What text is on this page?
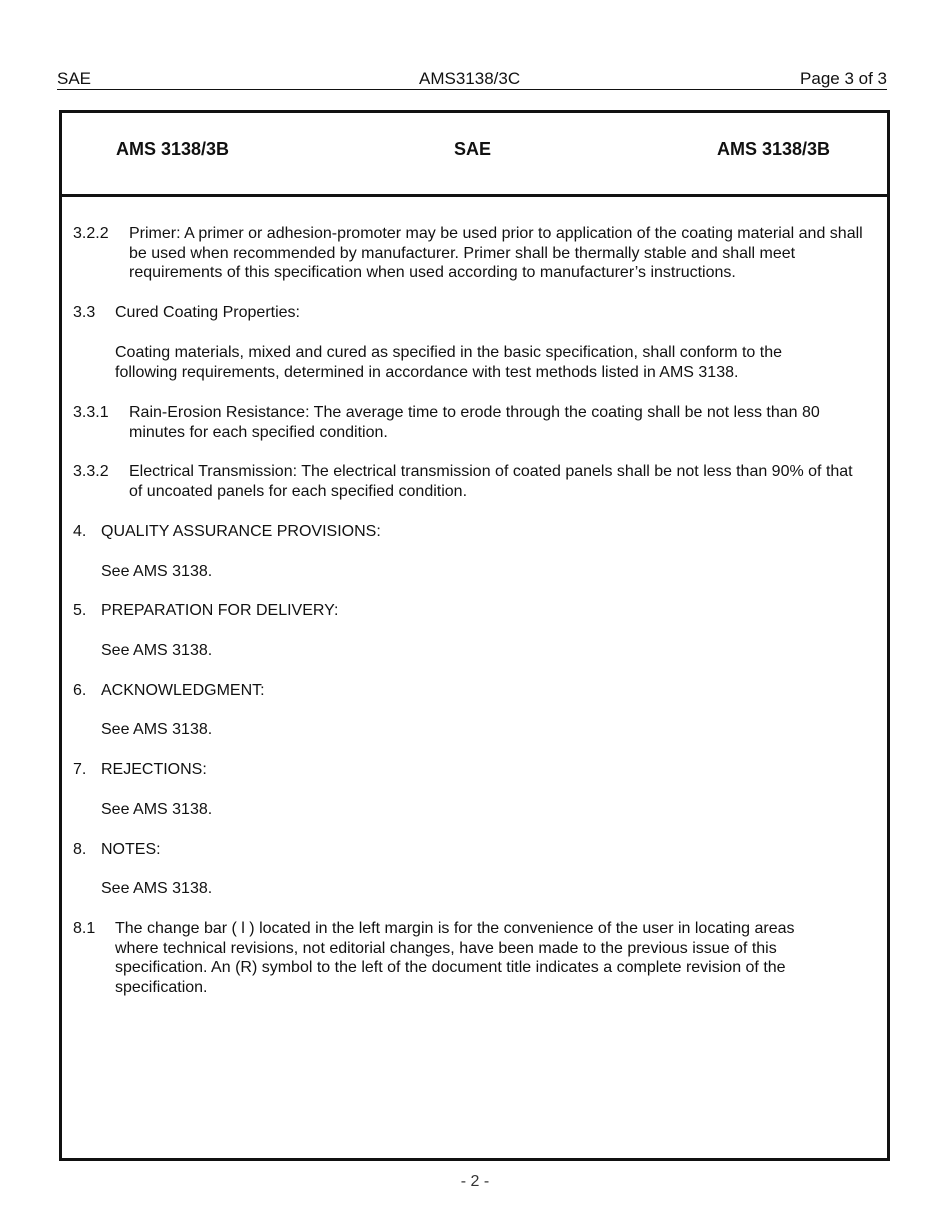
SAE	AMS3138/3C	Page 3 of 3
AMS 3138/3B	SAE	AMS 3138/3B
3.2.2 Primer: A primer or adhesion-promoter may be used prior to application of the coating material and shall be used when recommended by manufacturer. Primer shall be thermally stable and shall meet requirements of this specification when used according to manufacturer’s instructions.
3.3 Cured Coating Properties:
Coating materials, mixed and cured as specified in the basic specification, shall conform to the following requirements, determined in accordance with test methods listed in AMS 3138.
3.3.1 Rain-Erosion Resistance: The average time to erode through the coating shall be not less than 80 minutes for each specified condition.
3.3.2 Electrical Transmission: The electrical transmission of coated panels shall be not less than 90% of that of uncoated panels for each specified condition.
4. QUALITY ASSURANCE PROVISIONS:
See AMS 3138.
5. PREPARATION FOR DELIVERY:
See AMS 3138.
6. ACKNOWLEDGMENT:
See AMS 3138.
7. REJECTIONS:
See AMS 3138.
8. NOTES:
See AMS 3138.
8.1 The change bar ( l ) located in the left margin is for the convenience of the user in locating areas where technical revisions, not editorial changes, have been made to the previous issue of this specification. An (R) symbol to the left of the document title indicates a complete revision of the specification.
- 2 -
